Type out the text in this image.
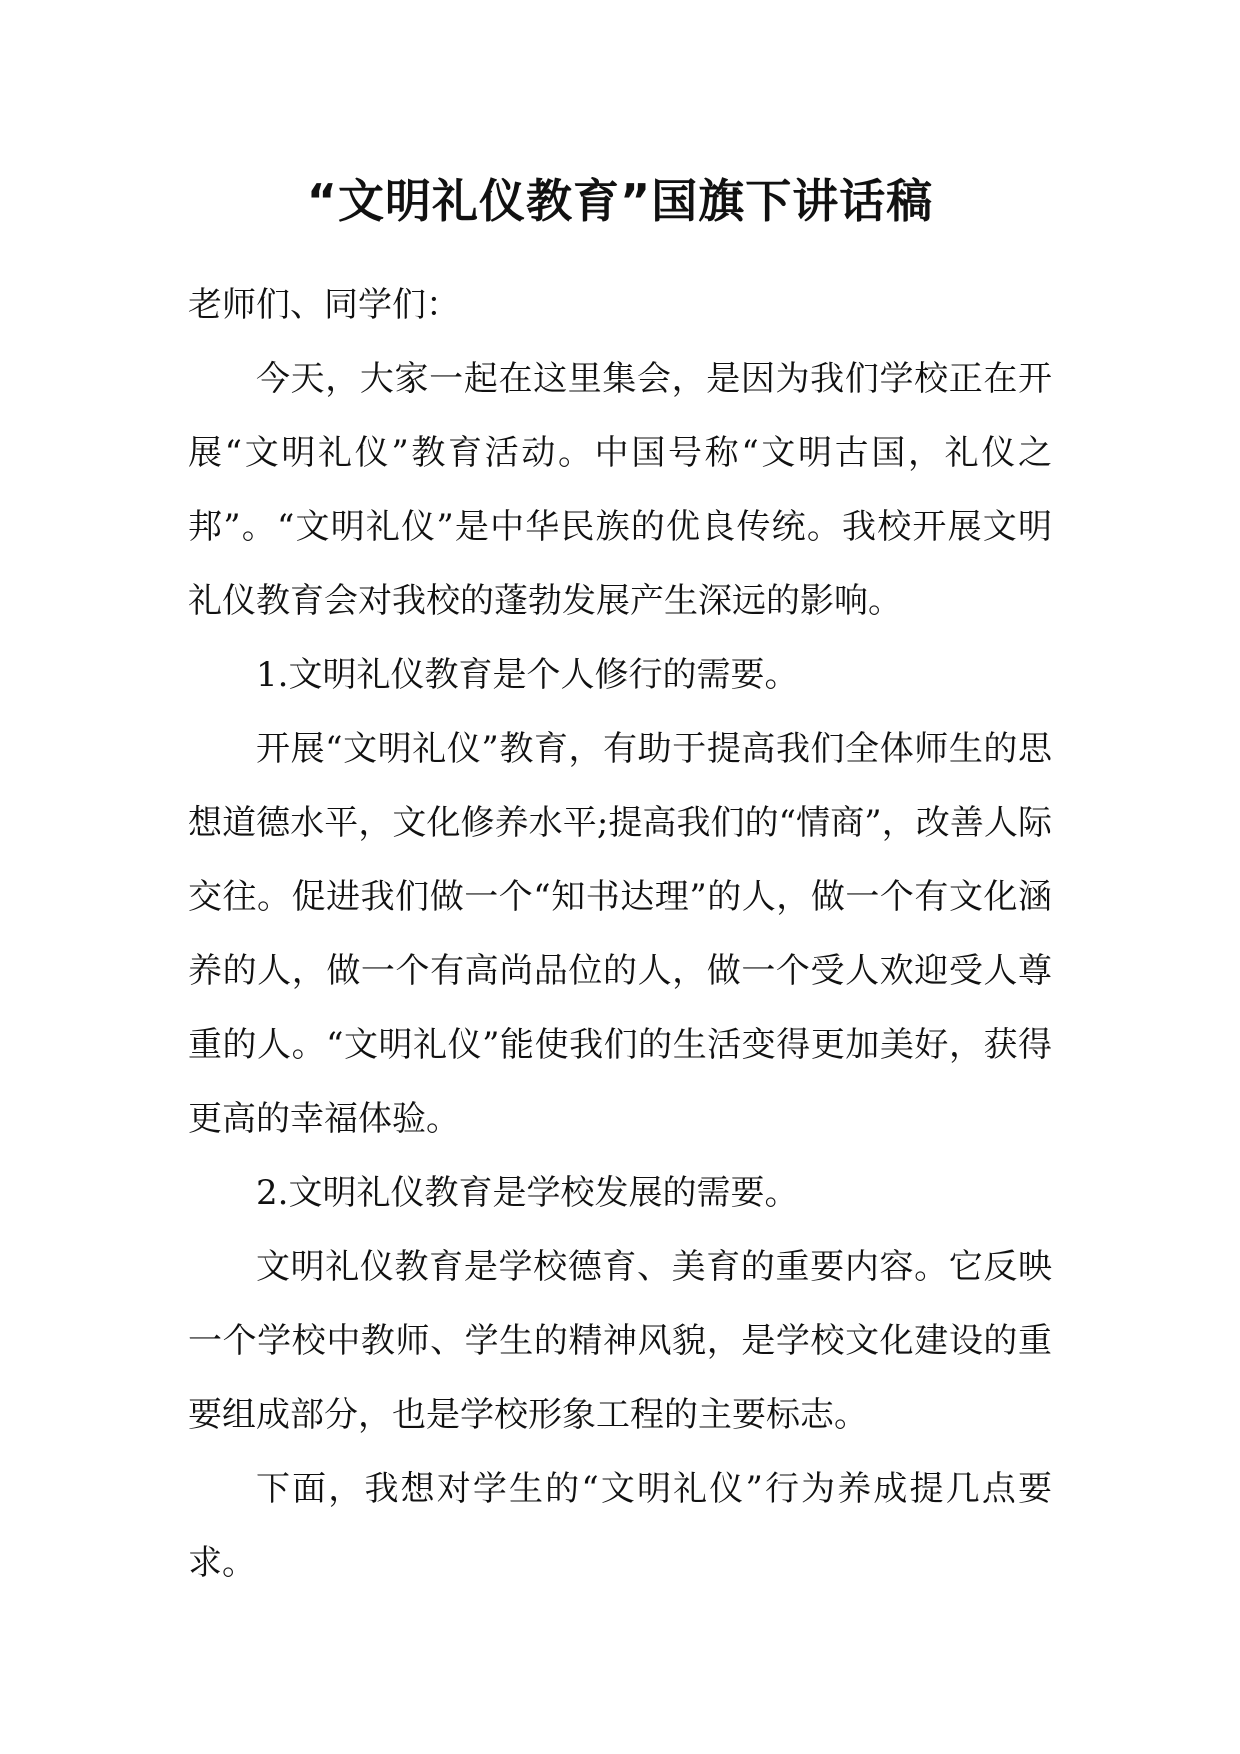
“文明礼仪教育”国旗下讲话稿

老师们、同学们：

今天，大家一起在这里集会，是因为我们学校正在开展“文明礼仪”教育活动。中国号称“文明古国，礼仪之邦”。“文明礼仪”是中华民族的优良传统。我校开展文明礼仪教育会对我校的蓬勃发展产生深远的影响。

1.文明礼仪教育是个人修行的需要。

开展“文明礼仪”教育，有助于提高我们全体师生的思想道德水平，文化修养水平;提高我们的“情商”，改善人际交往。促进我们做一个“知书达理”的人，做一个有文化涵养的人，做一个有高尚品位的人，做一个受人欢迎受人尊重的人。“文明礼仪”能使我们的生活变得更加美好，获得更高的幸福体验。

2.文明礼仪教育是学校发展的需要。

文明礼仪教育是学校德育、美育的重要内容。它反映一个学校中教师、学生的精神风貌，是学校文化建设的重要组成部分，也是学校形象工程的主要标志。

下面，我想对学生的“文明礼仪”行为养成提几点要求。
